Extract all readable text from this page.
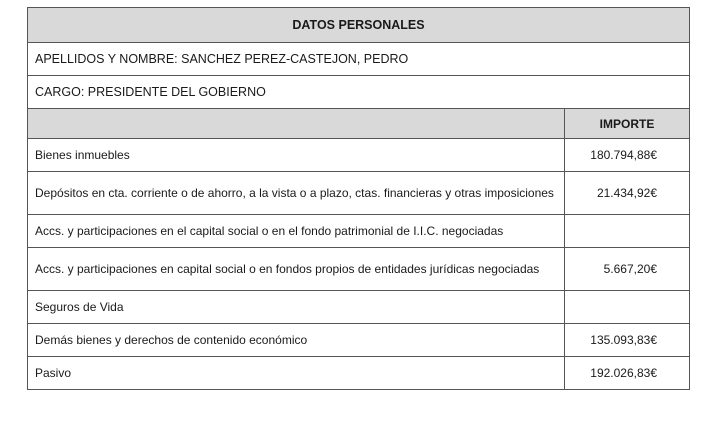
DATOS PERSONALES	
APELLIDOS Y NOMBRE: SANCHEZ PEREZ-CASTEJON, PEDRO	
CARGO: PRESIDENTE DEL GOBIERNO	
	IMPORTE
Bienes inmuebles	180.794,88€
Depósitos en cta. corriente o de ahorro, a la vista o a plazo, ctas. financieras y otras imposiciones	21.434,92€
Accs. y participaciones en el capital social o en el fondo patrimonial de I.I.C. negociadas	
Accs. y participaciones en capital social o en fondos propios de entidades jurídicas negociadas	5.667,20€
Seguros de Vida	
Demás bienes y derechos de contenido económico	135.093,83€
Pasivo	192.026,83€
